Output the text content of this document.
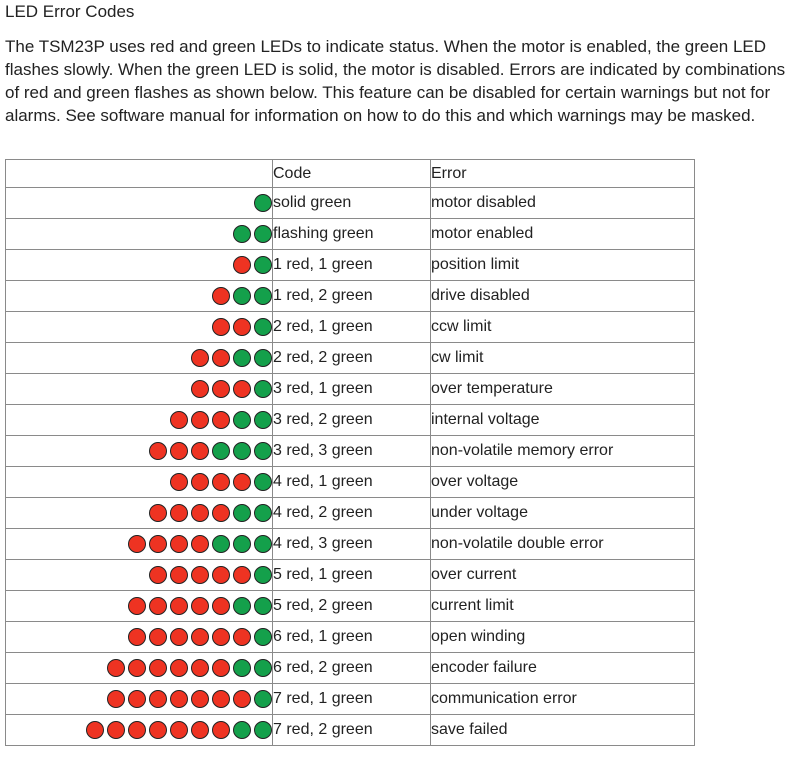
LED Error Codes

The TSM23P uses red and green LEDs to indicate status. When the motor is enabled, the green LED flashes slowly. When the green LED is solid, the motor is disabled. Errors are indicated by combinations of red and green flashes as shown below. This feature can be disabled for certain warnings but not for alarms. See software manual for information on how to do this and which warnings may be masked.

	Code	Error

	solid green	motor disabled

	flashing green	motor enabled

	1 red, 1 green	position limit

	1 red, 2 green	drive disabled

	2 red, 1 green	ccw limit

	2 red, 2 green	cw limit

	3 red, 1 green	over temperature

	3 red, 2 green	internal voltage

	3 red, 3 green	non-volatile memory error

	4 red, 1 green	over voltage

	4 red, 2 green	under voltage

	4 red, 3 green	non-volatile double error

	5 red, 1 green	over current

	5 red, 2 green	current limit

	6 red, 1 green	open winding

	6 red, 2 green	encoder failure

	7 red, 1 green	communication error

	7 red, 2 green	save failed
